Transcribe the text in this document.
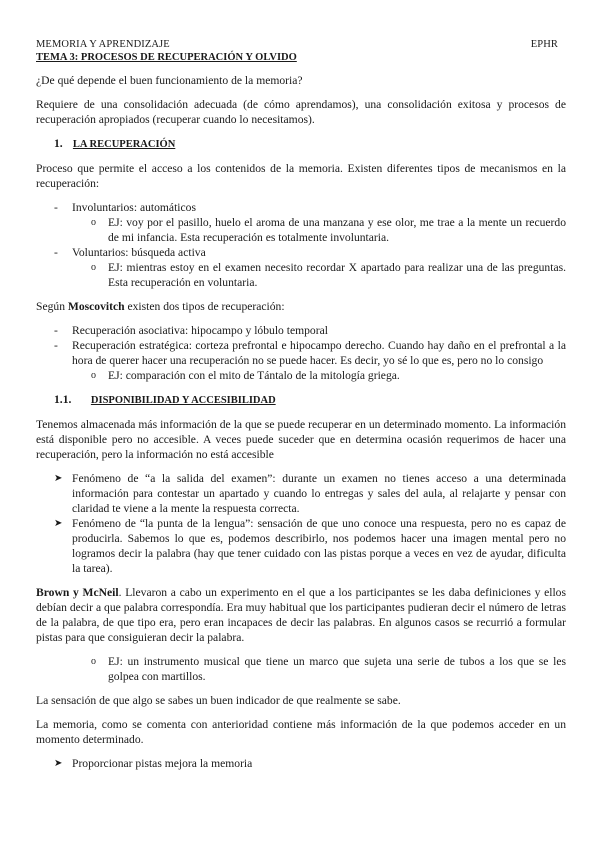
MEMORIA Y APRENDIZAJE	EPHR
TEMA 3: PROCESOS DE RECUPERACIÓN Y OLVIDO

¿De qué depende el buen funcionamiento de la memoria?

Requiere de una consolidación adecuada (de cómo aprendamos), una consolidación exitosa y procesos de recuperación apropiados (recuperar cuando lo necesitamos).

1. LA RECUPERACIÓN

Proceso que permite el acceso a los contenidos de la memoria. Existen diferentes tipos de mecanismos en la recuperación:

- Involuntarios: automáticos
o EJ: voy por el pasillo, huelo el aroma de una manzana y ese olor, me trae a la mente un recuerdo de mi infancia. Esta recuperación es totalmente involuntaria.
- Voluntarios: búsqueda activa
o EJ: mientras estoy en el examen necesito recordar X apartado para realizar una de las preguntas. Esta recuperación en voluntaria.

Según Moscovitch existen dos tipos de recuperación:

- Recuperación asociativa: hipocampo y lóbulo temporal
- Recuperación estratégica: corteza prefrontal e hipocampo derecho. Cuando hay daño en el prefrontal a la hora de querer hacer una recuperación no se puede hacer. Es decir, yo sé lo que es, pero no lo consigo
o EJ: comparación con el mito de Tántalo de la mitología griega.
1.1. DISPONIBILIDAD Y ACCESIBILIDAD

Tenemos almacenada más información de la que se puede recuperar en un determinado momento. La información está disponible pero no accesible. A veces puede suceder que en determina ocasión requerimos de hacer una recuperación, pero la información no está accesible

➤ Fenómeno de “a la salida del examen”: durante un examen no tienes acceso a una determinada información para contestar un apartado y cuando lo entregas y sales del aula, al relajarte y pensar con claridad te viene a la mente la respuesta correcta.
➤ Fenómeno de “la punta de la lengua”: sensación de que uno conoce una respuesta, pero no es capaz de producirla. Sabemos lo que es, podemos describirlo, nos podemos hacer una imagen mental pero no logramos decir la palabra (hay que tener cuidado con las pistas porque a veces en vez de ayudar, dificulta la tarea).

Brown y McNeil. Llevaron a cabo un experimento en el que a los participantes se les daba definiciones y ellos debían decir a que palabra correspondía. Era muy habitual que los participantes pudieran decir el número de letras de la palabra, de que tipo era, pero eran incapaces de decir las palabras. En algunos casos se recurrió a formular pistas para que consiguieran decir la palabra.

o EJ: un instrumento musical que tiene un marco que sujeta una serie de tubos a los que se les golpea con martillos.

La sensación de que algo se sabes un buen indicador de que realmente se sabe.

La memoria, como se comenta con anterioridad contiene más información de la que podemos acceder en un momento determinado.

➤ Proporcionar pistas mejora la memoria
